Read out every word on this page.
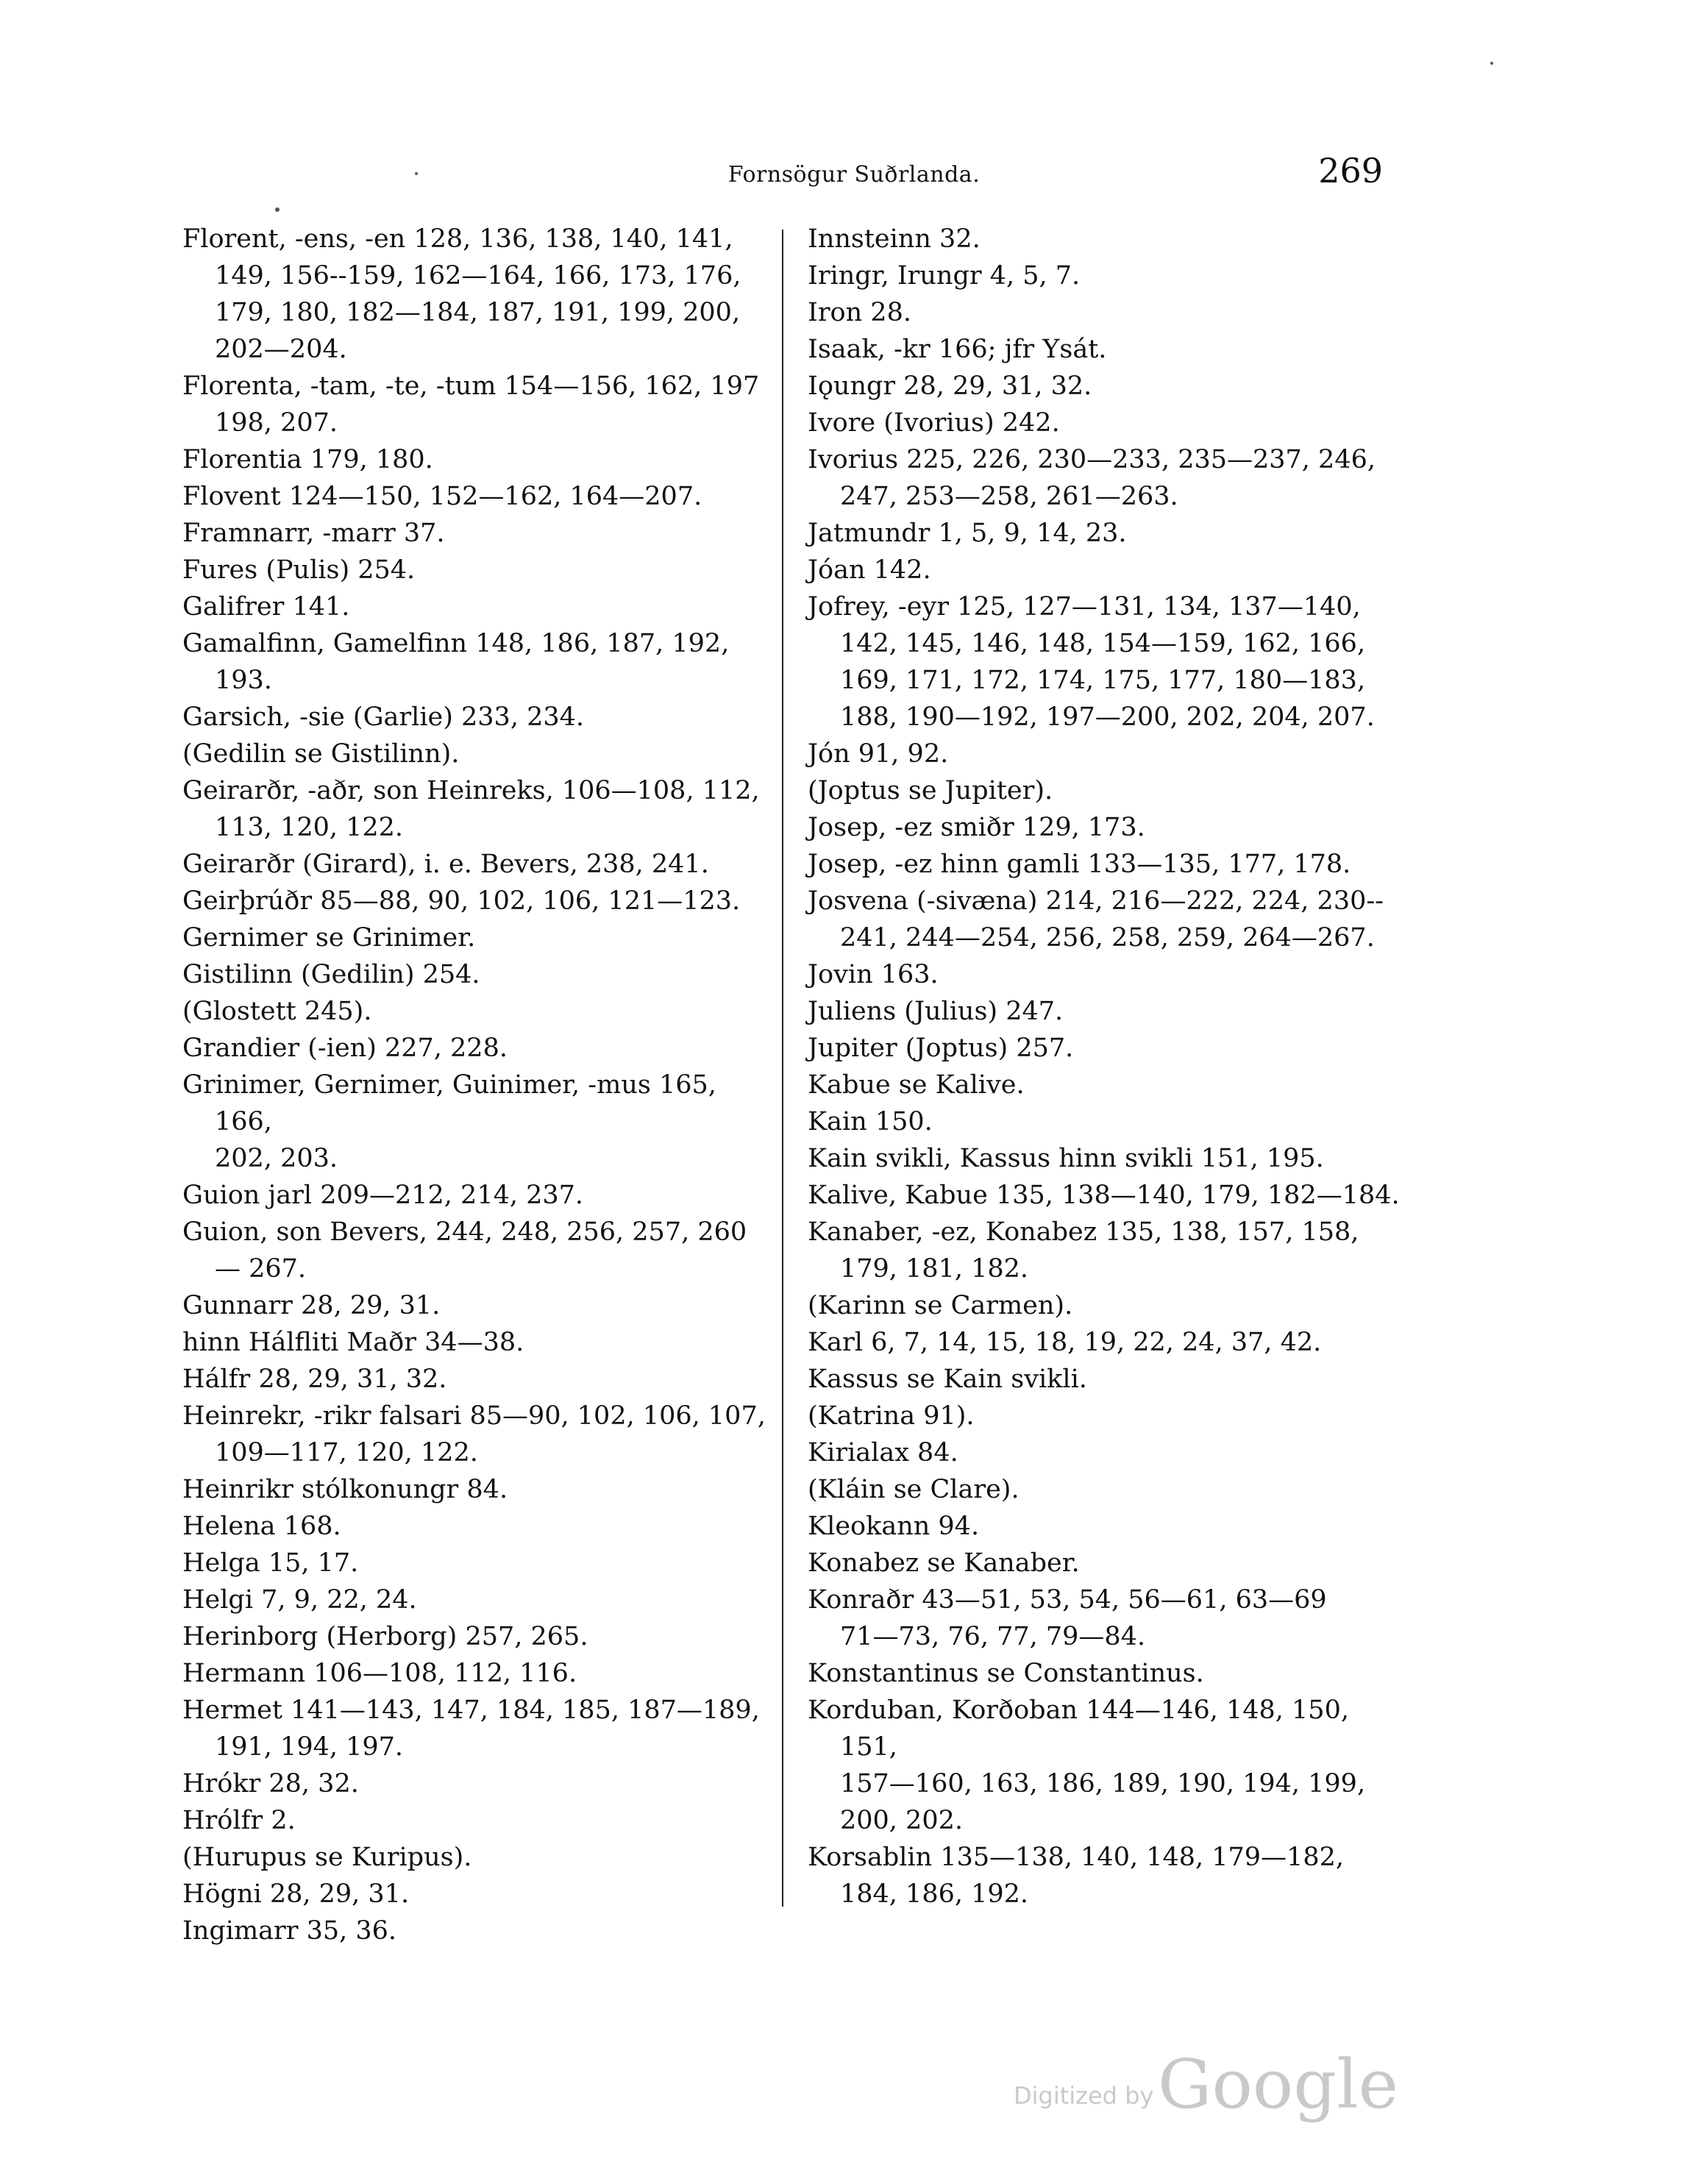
Fornsögur Suðrlanda.	269

Florent, -ens, -en 128, 136, 138, 140, 141,
149, 156--159, 162—164, 166, 173, 176,
179, 180, 182—184, 187, 191, 199, 200,
202—204.

Florenta, -tam, -te, -tum 154—156, 162, 197
198, 207.

Florentia 179, 180.

Flovent 124—150, 152—162, 164—207.

Framnarr, -marr 37.

Fures (Pulis) 254.

Galifrer 141.

Gamalfinn, Gamelfinn 148, 186, 187, 192, 193.

Garsich, -sie (Garlie) 233, 234.

(Gedilin se Gistilinn).

Geirarðr, -aðr, son Heinreks, 106—108, 112,
113, 120, 122.

Geirarðr (Girard), i. e. Bevers, 238, 241.

Geirþrúðr 85—88, 90, 102, 106, 121—123.

Gernimer se Grinimer.

Gistilinn (Gedilin) 254.

(Glostett 245).

Grandier (-ien) 227, 228.

Grinimer, Gernimer, Guinimer, -mus 165, 166,
202, 203.

Guion jarl 209—212, 214, 237.

Guion, son Bevers, 244, 248, 256, 257, 260
— 267.

Gunnarr 28, 29, 31.

hinn Hálfliti Maðr 34—38.

Hálfr 28, 29, 31, 32.

Heinrekr, -rikr falsari 85—90, 102, 106, 107,
109—117, 120, 122.

Heinrikr stólkonungr 84.

Helena 168.

Helga 15, 17.

Helgi 7, 9, 22, 24.

Herinborg (Herborg) 257, 265.

Hermann 106—108, 112, 116.

Hermet 141—143, 147, 184, 185, 187—189,
191, 194, 197.

Hrókr 28, 32.

Hrólfr 2.

(Hurupus se Kuripus).

Högni 28, 29, 31.

Ingimarr 35, 36.

Innsteinn 32.

Iringr, Irungr 4, 5, 7.

Iron 28.

Isaak, -kr 166; jfr Ysát.

Iǫungr 28, 29, 31, 32.

Ivore (Ivorius) 242.

Ivorius 225, 226, 230—233, 235—237, 246,
247, 253—258, 261—263.

Jatmundr 1, 5, 9, 14, 23.

Jóan 142.

Jofrey, -eyr 125, 127—131, 134, 137—140,
142, 145, 146, 148, 154—159, 162, 166,
169, 171, 172, 174, 175, 177, 180—183,
188, 190—192, 197—200, 202, 204, 207.

Jón 91, 92.

(Joptus se Jupiter).

Josep, -ez smiðr 129, 173.

Josep, -ez hinn gamli 133—135, 177, 178.

Josvena (-sivæna) 214, 216—222, 224, 230--
241, 244—254, 256, 258, 259, 264—267.

Jovin 163.

Juliens (Julius) 247.

Jupiter (Joptus) 257.

Kabue se Kalive.

Kain 150.

Kain svikli, Kassus hinn svikli 151, 195.

Kalive, Kabue 135, 138—140, 179, 182—184.

Kanaber, -ez, Konabez 135, 138, 157, 158,
179, 181, 182.

(Karinn se Carmen).

Karl 6, 7, 14, 15, 18, 19, 22, 24, 37, 42.

Kassus se Kain svikli.

(Katrina 91).

Kirialax 84.

(Kláin se Clare).

Kleokann 94.

Konabez se Kanaber.

Konraðr 43—51, 53, 54, 56—61, 63—69
71—73, 76, 77, 79—84.

Konstantinus se Constantinus.

Korduban, Korðoban 144—146, 148, 150, 151,
157—160, 163, 186, 189, 190, 194, 199,
200, 202.

Korsablin 135—138, 140, 148, 179—182,
184, 186, 192.

Digitized by Google
